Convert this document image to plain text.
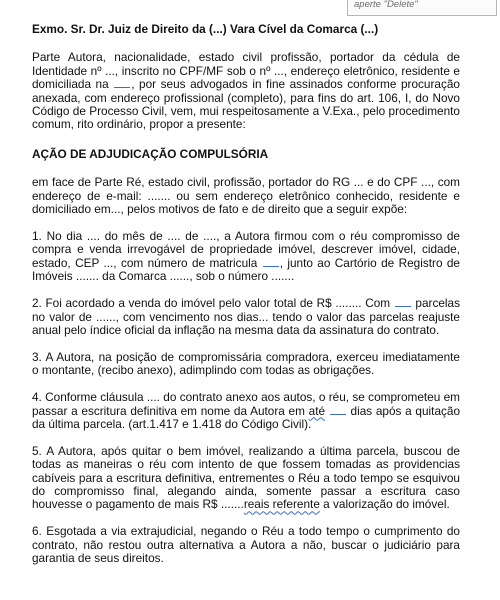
aperte "Delete"

Exmo. Sr. Dr. Juiz de Direito da (...) Vara Cível da Comarca (...)

Parte Autora, nacionalidade, estado civil profissão, portador da cédula de Identidade nº ..., inscrito no CPF/MF sob o nº ..., endereço eletrônico, residente e domiciliada na , por seus advogados in fine assinados conforme procuração anexada, com endereço profissional (completo), para fins do art. 106, I, do Novo Código de Processo Civil, vem, mui respeitosamente a V.Exa., pelo procedimento comum, rito ordinário, propor a presente:

AÇÃO DE ADJUDICAÇÃO COMPULSÓRIA

em face de Parte Ré, estado civil, profissão, portador do RG ... e do CPF ..., com endereço de e-mail: ....... ou sem endereço eletrônico conhecido, residente e domiciliado em..., pelos motivos de fato e de direito que a seguir expõe:

1. No dia .... do mês de .... de ...., a Autora firmou com o réu compromisso de compra e venda irrevogável de propriedade imóvel, descrever imóvel, cidade, estado, CEP ..., com número de matricula , junto ao Cartório de Registro de Imóveis ....... da Comarca ......, sob o número .......

2. Foi acordado a venda do imóvel pelo valor total de R$ ........ Com parcelas no valor de ......, com vencimento nos dias... tendo o valor das parcelas reajuste anual pelo índice oficial da inflação na mesma data da assinatura do contrato.

3. A Autora, na posição de compromissária compradora, exerceu imediatamente o montante, (recibo anexo), adimplindo com todas as obrigações.

4. Conforme cláusula .... do contrato anexo aos autos, o réu, se comprometeu em passar a escritura definitiva em nome da Autora em até dias após a quitação da última parcela. (art.1.417 e 1.418 do Código Civil).

5. A Autora, após quitar o bem imóvel, realizando a última parcela, buscou de todas as maneiras o réu com intento de que fossem tomadas as providencias cabíveis para a escritura definitiva, entrementes o Réu a todo tempo se esquivou do compromisso final, alegando ainda, somente passar a escritura caso houvesse o pagamento de mais R$ .......reais referente a valorização do imóvel.

6. Esgotada a via extrajudicial, negando o Réu a todo tempo o cumprimento do contrato, não restou outra alternativa a Autora a não, buscar o judiciário para garantia de seus direitos.
